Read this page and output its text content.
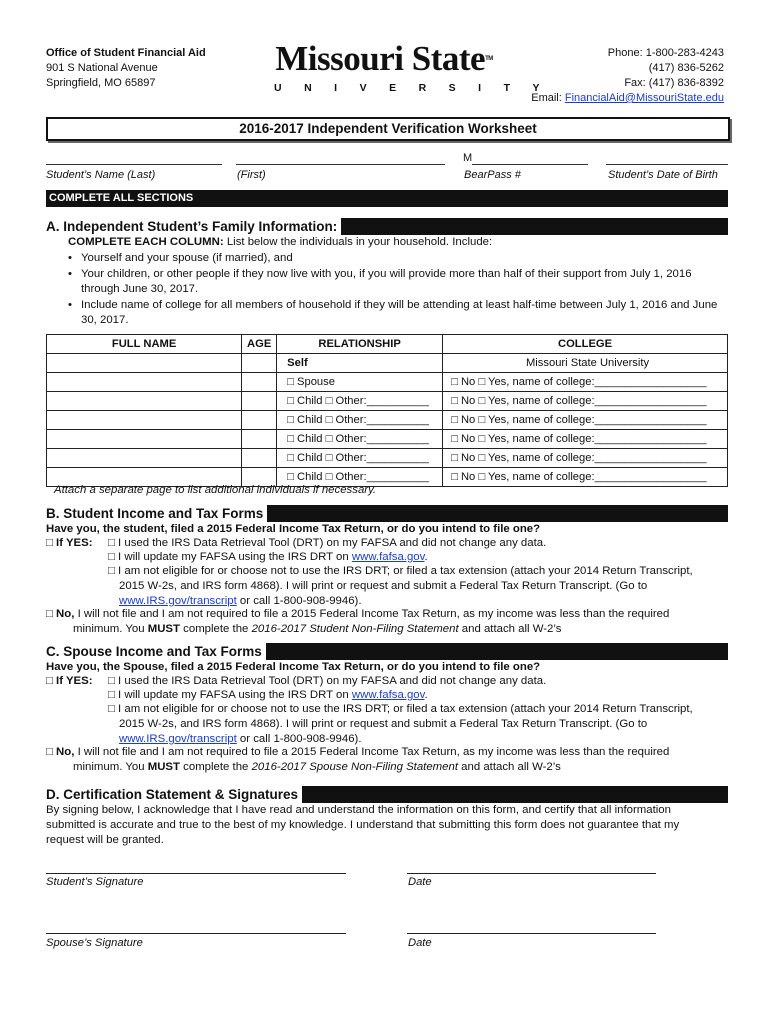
Office of Student Financial Aid
901 S National Avenue
Springfield, MO 65897
Missouri State™
UNIVERSITY
Phone: 1-800-283-4243
(417) 836-5262
Fax: (417) 836-8392
Email: FinancialAid@MissouriState.edu
2016-2017 Independent Verification Worksheet
M
Student’s Name (Last)	(First)	BearPass #	Student’s Date of Birth
COMPLETE ALL SECTIONS
A. Independent Student’s Family Information:
COMPLETE EACH COLUMN: List below the individuals in your household. Include:
• Yourself and your spouse (if married), and
• Your children, or other people if they now live with you, if you will provide more than half of their support from July 1, 2016 through June 30, 2017.
• Include name of college for all members of household if they will be attending at least half-time between July 1, 2016 and June 30, 2017.
FULL NAME	AGE	RELATIONSHIP	COLLEGE
		Self	Missouri State University
		□ Spouse	□ No □ Yes, name of college:__________________
		□ Child □ Other:__________	□ No □ Yes, name of college:__________________
		□ Child □ Other:__________	□ No □ Yes, name of college:__________________
		□ Child □ Other:__________	□ No □ Yes, name of college:__________________
		□ Child □ Other:__________	□ No □ Yes, name of college:__________________
		□ Child □ Other:__________	□ No □ Yes, name of college:__________________
Attach a separate page to list additional individuals if necessary.
B. Student Income and Tax Forms
Have you, the student, filed a 2015 Federal Income Tax Return, or do you intend to file one?
□ If YES: □ I used the IRS Data Retrieval Tool (DRT) on my FAFSA and did not change any data.
□ I will update my FAFSA using the IRS DRT on www.fafsa.gov.
□ I am not eligible for or choose not to use the IRS DRT; or filed a tax extension (attach your 2014 Return Transcript,
2015 W-2s, and IRS form 4868). I will print or request and submit a Federal Tax Return Transcript. (Go to
www.IRS.gov/transcript or call 1-800-908-9946).
□ No, I will not file and I am not required to file a 2015 Federal Income Tax Return, as my income was less than the required
minimum. You MUST complete the 2016-2017 Student Non-Filing Statement and attach all W-2’s
C. Spouse Income and Tax Forms
Have you, the Spouse, filed a 2015 Federal Income Tax Return, or do you intend to file one?
□ If YES: □ I used the IRS Data Retrieval Tool (DRT) on my FAFSA and did not change any data.
□ I will update my FAFSA using the IRS DRT on www.fafsa.gov.
□ I am not eligible for or choose not to use the IRS DRT; or filed a tax extension (attach your 2014 Return Transcript,
2015 W-2s, and IRS form 4868). I will print or request and submit a Federal Tax Return Transcript. (Go to
www.IRS.gov/transcript or call 1-800-908-9946).
□ No, I will not file and I am not required to file a 2015 Federal Income Tax Return, as my income was less than the required
minimum. You MUST complete the 2016-2017 Spouse Non-Filing Statement and attach all W-2’s
D. Certification Statement & Signatures
By signing below, I acknowledge that I have read and understand the information on this form, and certify that all information
submitted is accurate and true to the best of my knowledge. I understand that submitting this form does not guarantee that my
request will be granted.
Student’s Signature	Date
Spouse’s Signature	Date
